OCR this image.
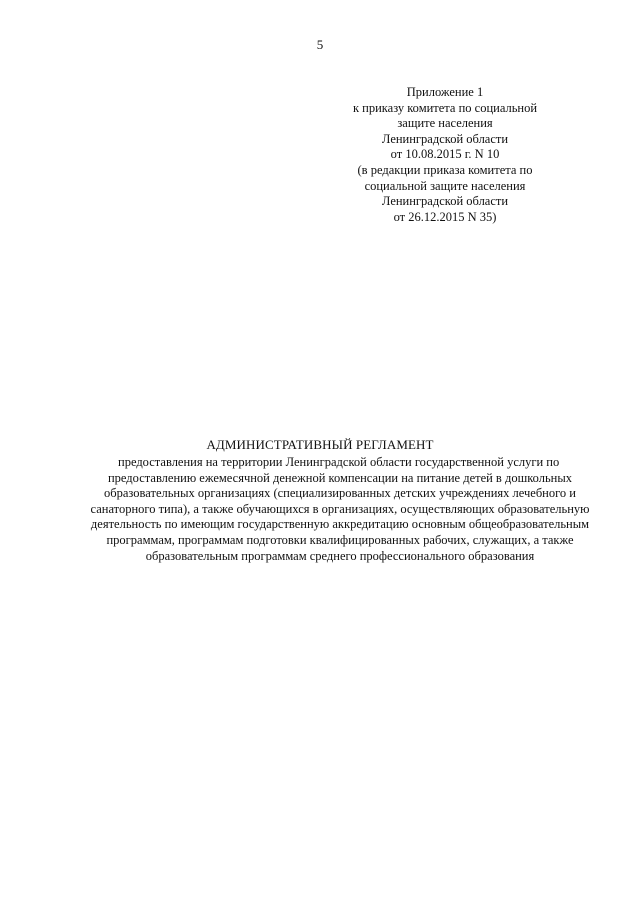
5
Приложение 1
к приказу комитета по социальной
защите населения
Ленинградской области
от 10.08.2015 г. N 10
(в редакции приказа комитета по
социальной защите населения
Ленинградской области
от 26.12.2015 N 35)
АДМИНИСТРАТИВНЫЙ РЕГЛАМЕНТ
предоставления на территории Ленинградской области государственной услуги по
предоставлению ежемесячной денежной компенсации на питание детей в дошкольных
образовательных организациях (специализированных детских учреждениях лечебного и
санаторного типа), а также обучающихся в организациях, осуществляющих образовательную
деятельность по имеющим государственную аккредитацию основным общеобразовательным
программам, программам подготовки квалифицированных рабочих, служащих, а также
образовательным программам среднего профессионального образования
